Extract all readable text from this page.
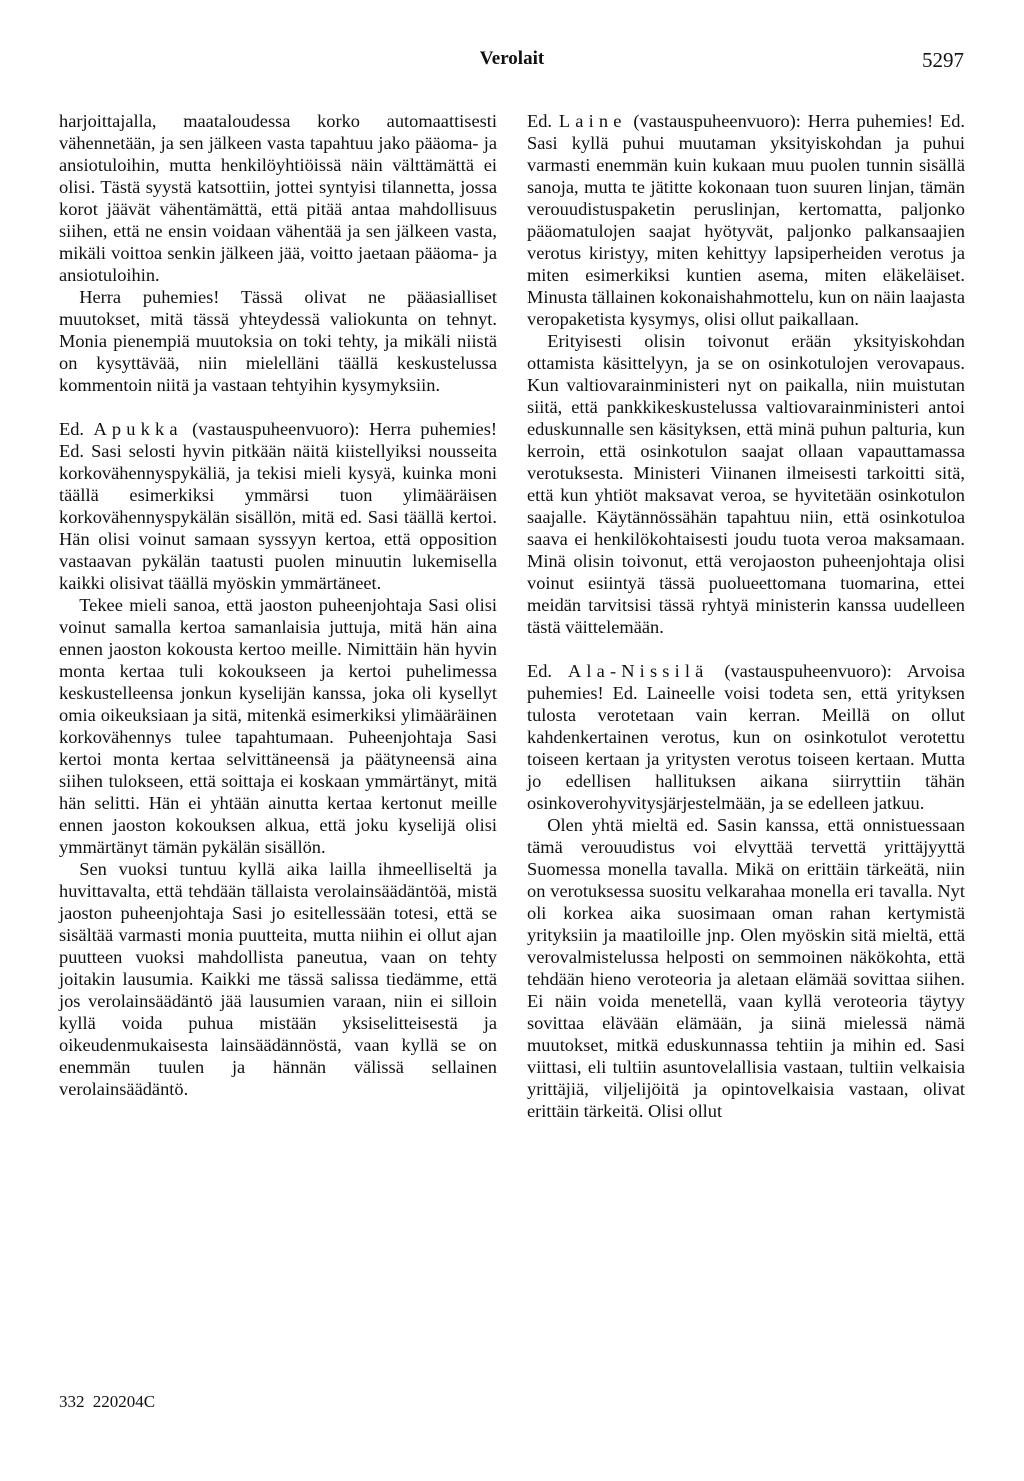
Verolait	5297

harjoittajalla, maataloudessa korko automaattisesti vähennetään, ja sen jälkeen vasta tapahtuu jako pääoma- ja ansiotuloihin, mutta henkilöyhtiöissä näin välttämättä ei olisi. Tästä syystä katsottiin, jottei syntyisi tilannetta, jossa korot jäävät vähentämättä, että pitää antaa mahdollisuus siihen, että ne ensin voidaan vähentää ja sen jälkeen vasta, mikäli voittoa senkin jälkeen jää, voitto jaetaan pääoma- ja ansiotuloihin.

Herra puhemies! Tässä olivat ne pääasialliset muutokset, mitä tässä yhteydessä valiokunta on tehnyt. Monia pienempiä muutoksia on toki tehty, ja mikäli niistä on kysyttävää, niin mielelläni täällä keskustelussa kommentoin niitä ja vastaan tehtyihin kysymyksiin.

Ed. Apukka (vastauspuheenvuoro): Herra puhemies! Ed. Sasi selosti hyvin pitkään näitä kiistellyiksi nousseita korkovähennyspykäliä, ja tekisi mieli kysyä, kuinka moni täällä esimerkiksi ymmärsi tuon ylimääräisen korkovähennyspykälän sisällön, mitä ed. Sasi täällä kertoi. Hän olisi voinut samaan syssyyn kertoa, että opposition vastaavan pykälän taatusti puolen minuutin lukemisella kaikki olisivat täällä myöskin ymmärtäneet.

Tekee mieli sanoa, että jaoston puheenjohtaja Sasi olisi voinut samalla kertoa samanlaisia juttuja, mitä hän aina ennen jaoston kokousta kertoo meille. Nimittäin hän hyvin monta kertaa tuli kokoukseen ja kertoi puhelimessa keskustelleensa jonkun kyselijän kanssa, joka oli kysellyt omia oikeuksiaan ja sitä, mitenkä esimerkiksi ylimääräinen korkovähennys tulee tapahtumaan. Puheenjohtaja Sasi kertoi monta kertaa selvittäneensä ja päätyneensä aina siihen tulokseen, että soittaja ei koskaan ymmärtänyt, mitä hän selitti. Hän ei yhtään ainutta kertaa kertonut meille ennen jaoston kokouksen alkua, että joku kyselijä olisi ymmärtänyt tämän pykälän sisällön.

Sen vuoksi tuntuu kyllä aika lailla ihmeelliseltä ja huvittavalta, että tehdään tällaista verolainsäädäntöä, mistä jaoston puheenjohtaja Sasi jo esitellessään totesi, että se sisältää varmasti monia puutteita, mutta niihin ei ollut ajan puutteen vuoksi mahdollista paneutua, vaan on tehty joitakin lausumia. Kaikki me tässä salissa tiedämme, että jos verolainsäädäntö jää lausumien varaan, niin ei silloin kyllä voida puhua mistään yksiselitteisestä ja oikeudenmukaisesta lainsäädännöstä, vaan kyllä se on enemmän tuulen ja hännän välissä sellainen verolainsäädäntö.

Ed. Laine (vastauspuheenvuoro): Herra puhemies! Ed. Sasi kyllä puhui muutaman yksityiskohdan ja puhui varmasti enemmän kuin kukaan muu puolen tunnin sisällä sanoja, mutta te jätitte kokonaan tuon suuren linjan, tämän verouudistuspaketin peruslinjan, kertomatta, paljonko pääomatulojen saajat hyötyvät, paljonko palkansaajien verotus kiristyy, miten kehittyy lapsiperheiden verotus ja miten esimerkiksi kuntien asema, miten eläkeläiset. Minusta tällainen kokonaishahmottelu, kun on näin laajasta veropaketista kysymys, olisi ollut paikallaan.

Erityisesti olisin toivonut erään yksityiskohdan ottamista käsittelyyn, ja se on osinkotulojen verovapaus. Kun valtiovarainministeri nyt on paikalla, niin muistutan siitä, että pankkikeskustelussa valtiovarainministeri antoi eduskunnalle sen käsityksen, että minä puhun palturia, kun kerroin, että osinkotulon saajat ollaan vapauttamassa verotuksesta. Ministeri Viinanen ilmeisesti tarkoitti sitä, että kun yhtiöt maksavat veroa, se hyvitetään osinkotulon saajalle. Käytännössähän tapahtuu niin, että osinkotuloa saava ei henkilökohtaisesti joudu tuota veroa maksamaan. Minä olisin toivonut, että verojaoston puheenjohtaja olisi voinut esiintyä tässä puolueettomana tuomarina, ettei meidän tarvitsisi tässä ryhtyä ministerin kanssa uudelleen tästä väittelemään.

Ed. Ala-Nissilä (vastauspuheenvuoro): Arvoisa puhemies! Ed. Laineelle voisi todeta sen, että yrityksen tulosta verotetaan vain kerran. Meillä on ollut kahdenkertainen verotus, kun on osinkotulot verotettu toiseen kertaan ja yritysten verotus toiseen kertaan. Mutta jo edellisen hallituksen aikana siirryttiin tähän osinkoverohyvitysjärjestelmään, ja se edelleen jatkuu.

Olen yhtä mieltä ed. Sasin kanssa, että onnistuessaan tämä verouudistus voi elvyttää tervettä yrittäjyyttä Suomessa monella tavalla. Mikä on erittäin tärkeätä, niin on verotuksessa suositu velkarahaa monella eri tavalla. Nyt oli korkea aika suosimaan oman rahan kertymistä yrityksiin ja maatiloille jnp. Olen myöskin sitä mieltä, että verovalmistelussa helposti on semmoinen näkökohta, että tehdään hieno veroteoria ja aletaan elämää sovittaa siihen. Ei näin voida menetellä, vaan kyllä veroteoria täytyy sovittaa elävään elämään, ja siinä mielessä nämä muutokset, mitkä eduskunnassa tehtiin ja mihin ed. Sasi viittasi, eli tultiin asuntovelallisia vastaan, tultiin velkaisia yrittäjiä, viljelijöitä ja opintovelkaisia vastaan, olivat erittäin tärkeitä. Olisi ollut

332 220204C
